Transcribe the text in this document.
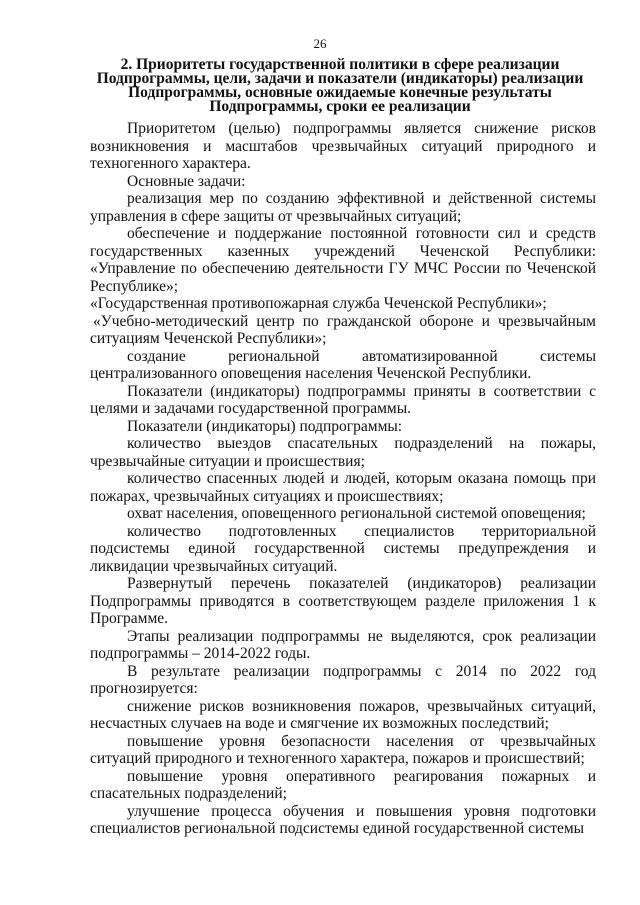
26
2. Приоритеты государственной политики в сфере реализации
Подпрограммы, цели, задачи и показатели (индикаторы) реализации
Подпрограммы, основные ожидаемые конечные результаты
Подпрограммы, сроки ее реализации

Приоритетом (целью) подпрограммы является снижение рисков возникновения и масштабов чрезвычайных ситуаций природного и техногенного характера.

Основные задачи:

реализация мер по созданию эффективной и действенной системы управления в сфере защиты от чрезвычайных ситуаций;

обеспечение и поддержание постоянной готовности сил и средств государственных казенных учреждений Чеченской Республики: «Управление по обеспечению деятельности ГУ МЧС России по Чеченской Республике»;

«Государственная противопожарная служба Чеченской Республики»;

«Учебно-методический центр по гражданской обороне и чрезвычайным ситуациям Чеченской Республики»;

создание региональной автоматизированной системы централизованного оповещения населения Чеченской Республики.

Показатели (индикаторы) подпрограммы приняты в соответствии с целями и задачами государственной программы.

Показатели (индикаторы) подпрограммы:

количество выездов спасательных подразделений на пожары, чрезвычайные ситуации и происшествия;

количество спасенных людей и людей, которым оказана помощь при пожарах, чрезвычайных ситуациях и происшествиях;

охват населения, оповещенного региональной системой оповещения;

количество подготовленных специалистов территориальной подсистемы единой государственной системы предупреждения и ликвидации чрезвычайных ситуаций.

Развернутый перечень показателей (индикаторов) реализации Подпрограммы приводятся в соответствующем разделе приложения 1 к Программе.

Этапы реализации подпрограммы не выделяются, срок реализации подпрограммы – 2014-2022 годы.

В результате реализации подпрограммы с 2014 по 2022 год прогнозируется:

снижение рисков возникновения пожаров, чрезвычайных ситуаций, несчастных случаев на воде и смягчение их возможных последствий;

повышение уровня безопасности населения от чрезвычайных ситуаций природного и техногенного характера, пожаров и происшествий;

повышение уровня оперативного реагирования пожарных и спасательных подразделений;

улучшение процесса обучения и повышения уровня подготовки специалистов региональной подсистемы единой государственной системы
